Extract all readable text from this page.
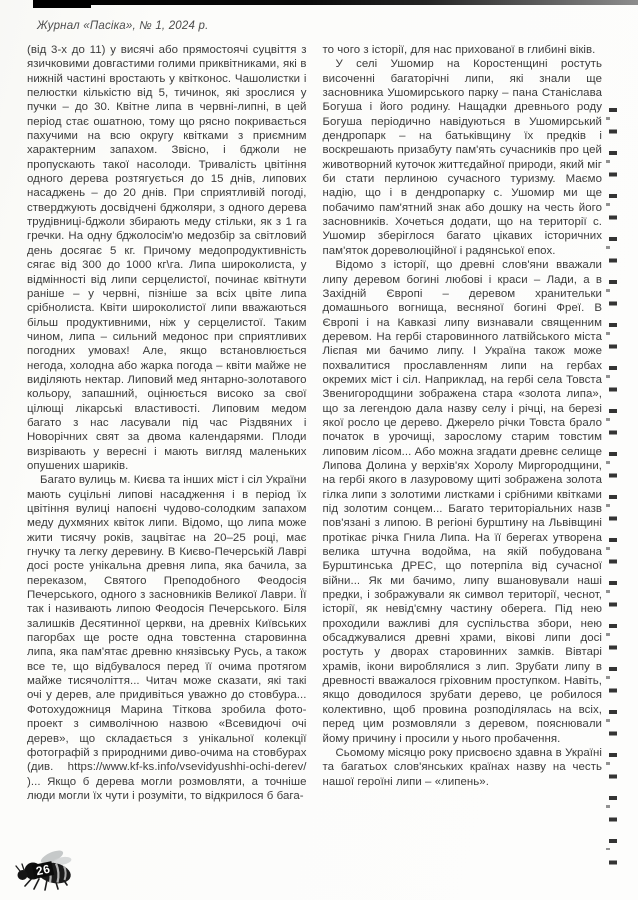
Журнал «Пасіка», № 1, 2024 р.

(від 3-х до 11) у висячі або прямостоячі суцвіття з язичковими довгастими голими приквітниками, які в нижній частині вростають у квітконос. Чашолистки і пелюстки кількістю від 5, тичинок, які зрослися у пучки – до 30. Квітне липа в червні-липні, в цей період стає ошатною, тому що рясно покривається пахучими на всю округу квітками з приємним характерним запахом. Звісно, і бджоли не пропускають такої насолоди. Тривалість цвітіння одного дерева розтягується до 15 днів, липових насаджень – до 20 днів. При сприятливій погоді, стверджують досвідчені бджоляри, з одного дерева трудівниці-бджоли збирають меду стільки, як з 1 га гречки. На одну бджолосім'ю медозбір за світловий день досягає 5 кг. Причому медопродуктивність сягає від 300 до 1000 кг\га. Липа широколиста, у відмінності від липи серцелистої, починає квітнути раніше – у червні, пізніше за всіх цвіте липа срібнолиста. Квіти широколистої липи вважаються більш продуктивними, ніж у серцелистої. Таким чином, липа – сильний медонос при сприятливих погодних умовах! Але, якщо встановлюється негода, холодна або жарка погода – квіти майже не виділяють нектар. Липовий мед янтарно-золотавого кольору, запашний, оцінюється високо за свої цілющі лікарські властивості. Липовим медом багато з нас ласували під час Різдвяних і Новорічних свят за двома календарями. Плоди визрівають у вересні і мають вигляд маленьких опушених шариків.

Багато вулиць м. Києва та інших міст і сіл України мають суцільні липові насадження і в період їх цвітіння вулиці напоєні чудово-солодким запахом меду духмяних квіток липи. Відомо, що липа може жити тисячу років, зацвітає на 20–25 році, має гнучку та легку деревину. В Києво-Печерській Лаврі досі росте унікальна древня липа, яка бачила, за переказом, Святого Преподобного Феодосія Печерського, одного з засновників Великої Лаври. Її так і називають липою Феодосія Печерського. Біля залишків Десятинної церкви, на древніх Київських пагорбах ще росте одна товстенна старовинна липа, яка пам'ятає древню князівську Русь, а також все те, що відбувалося перед її очима протягом майже тисячоліття... Читач може сказати, які такі очі у дерев, але придивіться уважно до стовбура... Фотохудожниця Марина Тіткова зробила фото-проект з символічною назвою «Всевидючі очі дерев», що складається з унікальної колекції фотографій з природними диво-очима на стовбурах (див. https://www.kf-ks.info/vsevidyushhi-ochi-derev/ )... Якщо б дерева могли розмовляти, а точніше люди могли їх чути і розуміти, то відкрилося б бага-

то чого з історії, для нас прихованої в глибині віків.

У селі Ушомир на Коростенщині ростуть височенні багаторічні липи, які знали ще засновника Ушомирського парку – пана Станіслава Богуша і його родину. Нащадки древнього роду Богуша періодично навідуються в Ушомирський дендропарк – на батьківщину їх предків і воскрешають призабуту пам'ять сучасників про цей животворний куточок життєдайної природи, який міг би стати перлиною сучасного туризму. Маємо надію, що і в дендропарку с. Ушомир ми ще побачимо пам'ятний знак або дошку на честь його засновників. Хочеться додати, що на території с. Ушомир зберіглося багато цікавих історичних пам'яток дореволюційної і радянської епох.

Відомо з історії, що древні слов'яни вважали липу деревом богині любові і краси – Лади, а в Західній Європі – деревом хранительки домашнього вогнища, весняної богині Фреї. В Європі і на Кавказі липу визнавали священним деревом. На гербі старовинного латвійського міста Лієпая ми бачимо липу. І Україна також може похвалитися прославленням липи на гербах окремих міст і сіл. Наприклад, на гербі села Товста Звенигородщини зображена стара «золота липа», що за легендою дала назву селу і річці, на березі якої росло це дерево. Джерело річки Товста брало початок в урочищі, зарослому старим товстим липовим лісом... Або можна згадати древнє селище Липова Долина у верхів'ях Хоролу Миргородщини, на гербі якого в лазуровому щиті зображена золота гілка липи з золотими листками і срібними квітками під золотим сонцем... Багато територіальних назв пов'язані з липою. В регіоні бурштину на Львівщині протікає річка Гнила Липа. На її берегах утворена велика штучна водойма, на якій побудована Бурштинська ДРЕС, що потерпіла від сучасної війни... Як ми бачимо, липу вшановували наші предки, і зображували як символ території, чеснот, історії, як невід'ємну частину оберега. Під нею проходили важливі для суспільства збори, нею обсаджувалися древні храми, вікові липи досі ростуть у дворах старовинних замків. Вівтарі храмів, ікони вироблялися з лип. Зрубати липу в древності вважалося гріховним проступком. Навіть, якщо доводилося зрубати дерево, це робилося колективно, щоб провина розподілялась на всіх, перед цим розмовляли з деревом, пояснювали йому причину і просили у нього пробачення.

Сьомому місяцю року присвоєно здавна в Україні та багатьох слов'янських країнах назву на честь нашої героїні липи – «липень».

26
